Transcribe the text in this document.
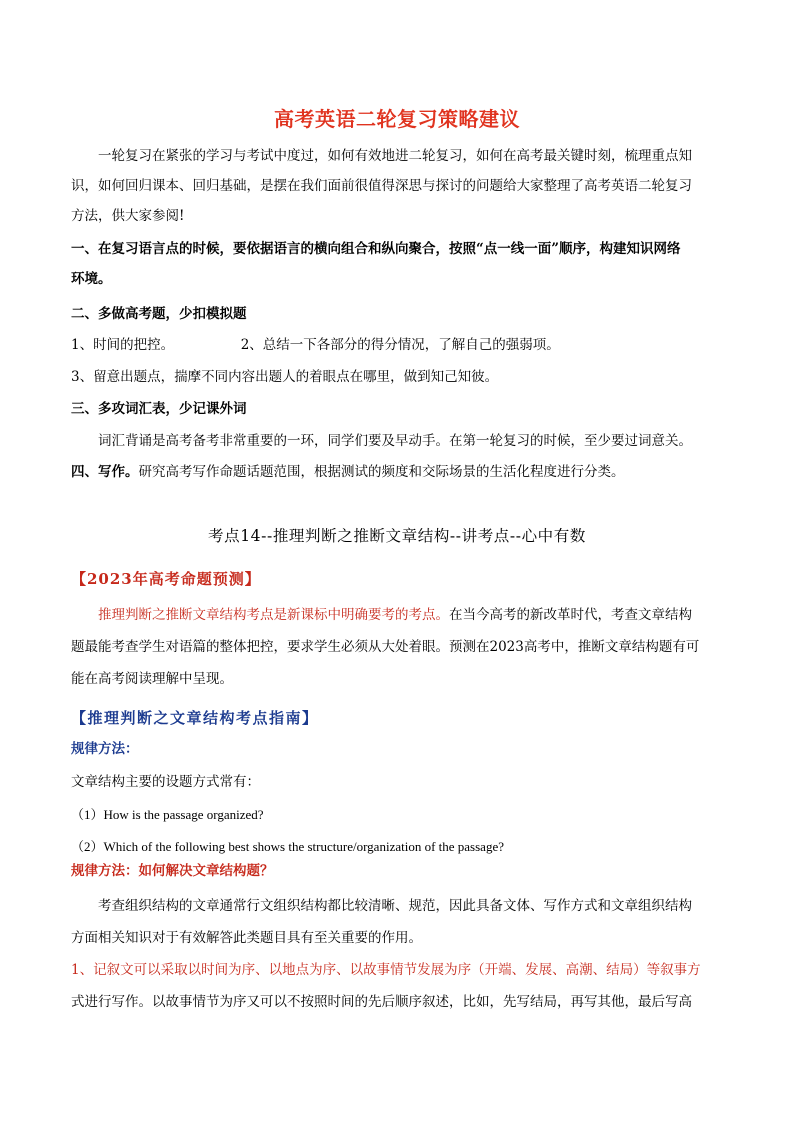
高考英语二轮复习策略建议
一轮复习在紧张的学习与考试中度过，如何有效地进二轮复习，如何在高考最关键时刻，梳理重点知
识，如何回归课本、回归基础，是摆在我们面前很值得深思与探讨的问题给大家整理了高考英语二轮复习
方法，供大家参阅!
一、在复习语言点的时候，要依据语言的横向组合和纵向聚合，按照“点一线一面”顺序，构建知识网络
环境。
二、多做高考题，少扣模拟题
1、时间的把控。	2、总结一下各部分的得分情况，了解自己的强弱项。
3、留意出题点，揣摩不同内容出题人的着眼点在哪里，做到知己知彼。
三、多攻词汇表，少记课外词
词汇背诵是高考备考非常重要的一环，同学们要及早动手。在第一轮复习的时候，至少要过词意关。
四、写作。研究高考写作命题话题范围，根据测试的频度和交际场景的生活化程度进行分类。
考点14--推理判断之推断文章结构--讲考点--心中有数
【2023年高考命题预测】
推理判断之推断文章结构考点是新课标中明确要考的考点。在当今高考的新改革时代，考查文章结构
题最能考查学生对语篇的整体把控，要求学生必须从大处着眼。预测在2023高考中，推断文章结构题有可
能在高考阅读理解中呈现。
【推理判断之文章结构考点指南】
规律方法：
文章结构主要的设题方式常有：
（1）How is the passage organized?
（2）Which of the following best shows the structure/organization of the passage?
规律方法：如何解决文章结构题？
考查组织结构的文章通常行文组织结构都比较清晰、规范，因此具备文体、写作方式和文章组织结构
方面相关知识对于有效解答此类题目具有至关重要的作用。
1、记叙文可以采取以时间为序、以地点为序、以故事情节发展为序（开端、发展、高潮、结局）等叙事方
式进行写作。以故事情节为序又可以不按照时间的先后顺序叙述，比如，先写结局，再写其他，最后写高
